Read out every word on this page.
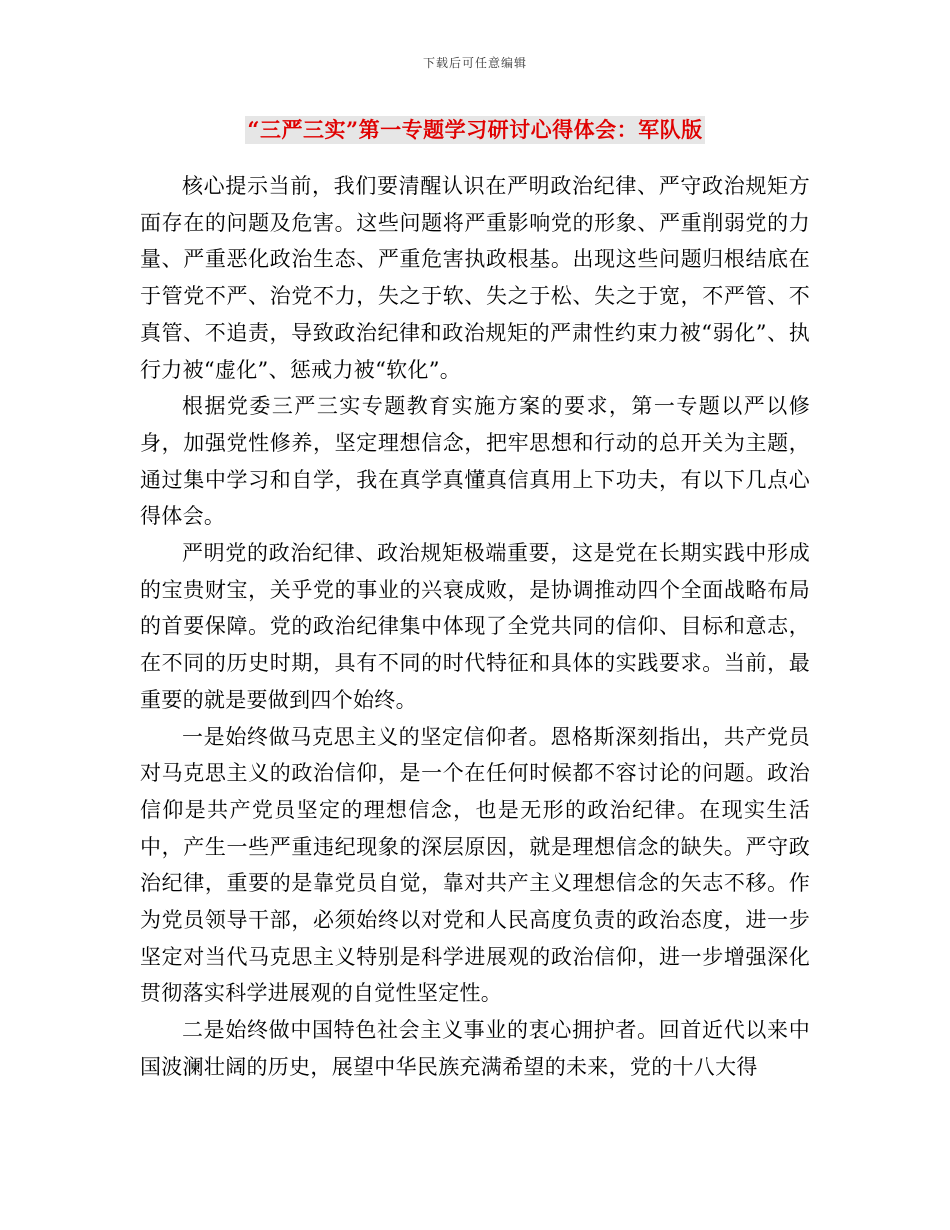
下载后可任意编辑
“三严三实”第一专题学习研讨心得体会：军队版

核心提示当前，我们要清醒认识在严明政治纪律、严守政治规矩方面存在的问题及危害。这些问题将严重影响党的形象、严重削弱党的力量、严重恶化政治生态、严重危害执政根基。出现这些问题归根结底在于管党不严、治党不力，失之于软、失之于松、失之于宽，不严管、不真管、不追责，导致政治纪律和政治规矩的严肃性约束力被“弱化”、执行力被“虚化”、惩戒力被“软化”。

根据党委三严三实专题教育实施方案的要求，第一专题以严以修身，加强党性修养，坚定理想信念，把牢思想和行动的总开关为主题，通过集中学习和自学，我在真学真懂真信真用上下功夫，有以下几点心得体会。

严明党的政治纪律、政治规矩极端重要，这是党在长期实践中形成的宝贵财宝，关乎党的事业的兴衰成败，是协调推动四个全面战略布局的首要保障。党的政治纪律集中体现了全党共同的信仰、目标和意志，在不同的历史时期，具有不同的时代特征和具体的实践要求。当前，最重要的就是要做到四个始终。

一是始终做马克思主义的坚定信仰者。恩格斯深刻指出，共产党员对马克思主义的政治信仰，是一个在任何时候都不容讨论的问题。政治信仰是共产党员坚定的理想信念，也是无形的政治纪律。在现实生活中，产生一些严重违纪现象的深层原因，就是理想信念的缺失。严守政治纪律，重要的是靠党员自觉，靠对共产主义理想信念的矢志不移。作为党员领导干部，必须始终以对党和人民高度负责的政治态度，进一步坚定对当代马克思主义特别是科学进展观的政治信仰，进一步增强深化贯彻落实科学进展观的自觉性坚定性。

二是始终做中国特色社会主义事业的衷心拥护者。回首近代以来中国波澜壮阔的历史，展望中华民族充满希望的未来，党的十八大得
